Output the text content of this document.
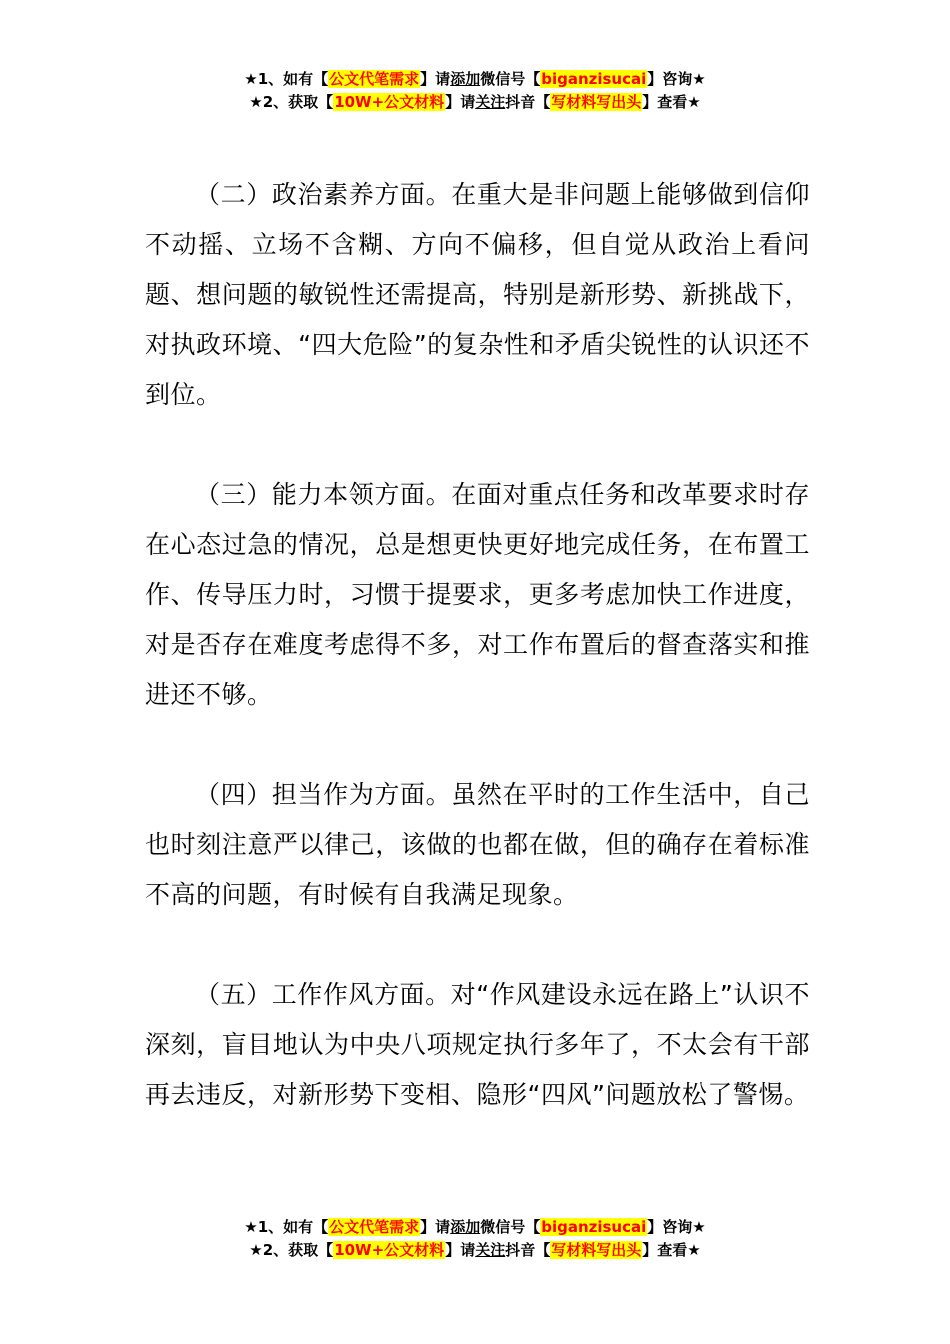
★1、如有【公文代笔需求】请添加微信号【biganzisucai】咨询★
★2、获取【10W+公文材料】请关注抖音【写材料写出头】查看★

（二）政治素养方面。在重大是非问题上能够做到信仰不动摇、立场不含糊、方向不偏移，但自觉从政治上看问题、想问题的敏锐性还需提高，特别是新形势、新挑战下，对执政环境、“四大危险”的复杂性和矛盾尖锐性的认识还不到位。

（三）能力本领方面。在面对重点任务和改革要求时存在心态过急的情况，总是想更快更好地完成任务，在布置工作、传导压力时，习惯于提要求，更多考虑加快工作进度，对是否存在难度考虑得不多，对工作布置后的督查落实和推进还不够。

（四）担当作为方面。虽然在平时的工作生活中，自己也时刻注意严以律己，该做的也都在做，但的确存在着标准不高的问题，有时候有自我满足现象。

（五）工作作风方面。对“作风建设永远在路上”认识不深刻，盲目地认为中央八项规定执行多年了，不太会有干部再去违反，对新形势下变相、隐形“四风”问题放松了警惕。

★1、如有【公文代笔需求】请添加微信号【biganzisucai】咨询★
★2、获取【10W+公文材料】请关注抖音【写材料写出头】查看★
